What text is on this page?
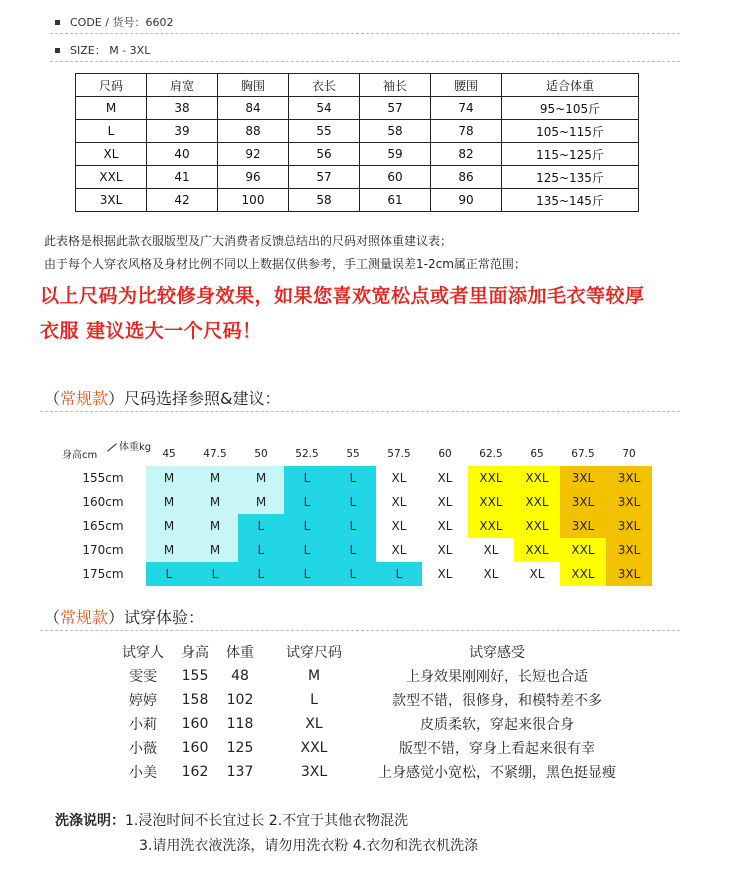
CODE / 货号：6602
SIZE： M - 3XL
尺码	肩宽	胸围	衣长	袖长	腰围	适合体重
M	38	84	54	57	74	95~105斤
L	39	88	55	58	78	105~115斤
XL	40	92	56	59	82	115~125斤
XXL	41	96	57	60	86	125~135斤
3XL	42	100	58	61	90	135~145斤
此表格是根据此款衣服版型及广大消费者反馈总结出的尺码对照体重建议表；
由于每个人穿衣风格及身材比例不同以上数据仅供参考，手工测量误差1-2cm属正常范围；
以上尺码为比较修身效果，如果您喜欢宽松点或者里面添加毛衣等较厚
衣服 建议选大一个尺码！
（常规款）尺码选择参照&建议：
身高cm
体重kg
45	47.5	50	52.5	55	57.5	60	62.5	65	67.5	70
155cm	M	M	M	L	L	XL	XL	XXL	XXL	3XL	3XL
160cm	M	M	M	L	L	XL	XL	XXL	XXL	3XL	3XL
165cm	M	M	L	L	L	XL	XL	XXL	XXL	3XL	3XL
170cm	M	M	L	L	L	XL	XL	XL	XXL	XXL	3XL
175cm	L	L	L	L	L	L	XL	XL	XL	XXL	3XL
（常规款）试穿体验：
试穿人	身高	体重	试穿尺码	试穿感受
雯雯	155	48	M	上身效果刚刚好，长短也合适
婷婷	158	102	L	款型不错，很修身，和模特差不多
小莉	160	118	XL	皮质柔软，穿起来很合身
小薇	160	125	XXL	版型不错，穿身上看起来很有幸
小美	162	137	3XL	上身感觉小宽松，不紧绷，黑色挺显瘦
洗涤说明：1.浸泡时间不长宜过长 2.不宜于其他衣物混洗
3.请用洗衣液洗涤，请勿用洗衣粉 4.衣勿和洗衣机洗涤
